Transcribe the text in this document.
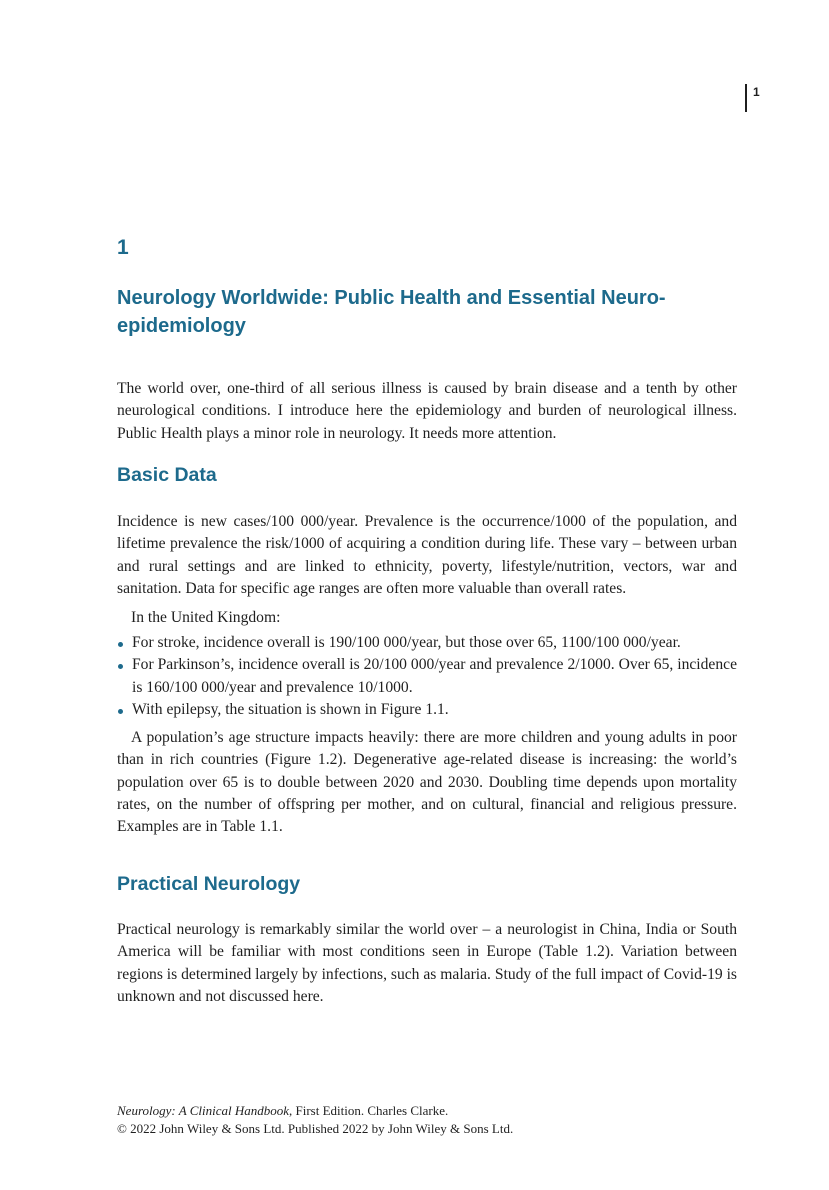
1
1
Neurology Worldwide: Public Health and Essential Neuro-epidemiology

The world over, one-third of all serious illness is caused by brain disease and a tenth by other neurological conditions. I introduce here the epidemiology and burden of neurological illness. Public Health plays a minor role in neurology. It needs more attention.

Basic Data

Incidence is new cases/100 000/year. Prevalence is the occurrence/1000 of the population, and lifetime prevalence the risk/1000 of acquiring a condition during life. These vary – between urban and rural settings and are linked to ethnicity, poverty, lifestyle/nutrition, vectors, war and sanitation. Data for specific age ranges are often more valuable than overall rates.

In the United Kingdom:

For stroke, incidence overall is 190/100 000/year, but those over 65, 1100/100 000/year.
For Parkinson’s, incidence overall is 20/100 000/year and prevalence 2/1000. Over 65, incidence is 160/100 000/year and prevalence 10/1000.
With epilepsy, the situation is shown in Figure 1.1.

A population’s age structure impacts heavily: there are more children and young adults in poor than in rich countries (Figure 1.2). Degenerative age-related disease is increasing: the world’s population over 65 is to double between 2020 and 2030. Doubling time depends upon mortality rates, on the number of offspring per mother, and on cultural, financial and religious pressure. Examples are in Table 1.1.

Practical Neurology

Practical neurology is remarkably similar the world over – a neurologist in China, India or South America will be familiar with most conditions seen in Europe (Table 1.2). Variation between regions is determined largely by infections, such as malaria. Study of the full impact of Covid-19 is unknown and not discussed here.

Neurology: A Clinical Handbook, First Edition. Charles Clarke.
© 2022 John Wiley & Sons Ltd. Published 2022 by John Wiley & Sons Ltd.
